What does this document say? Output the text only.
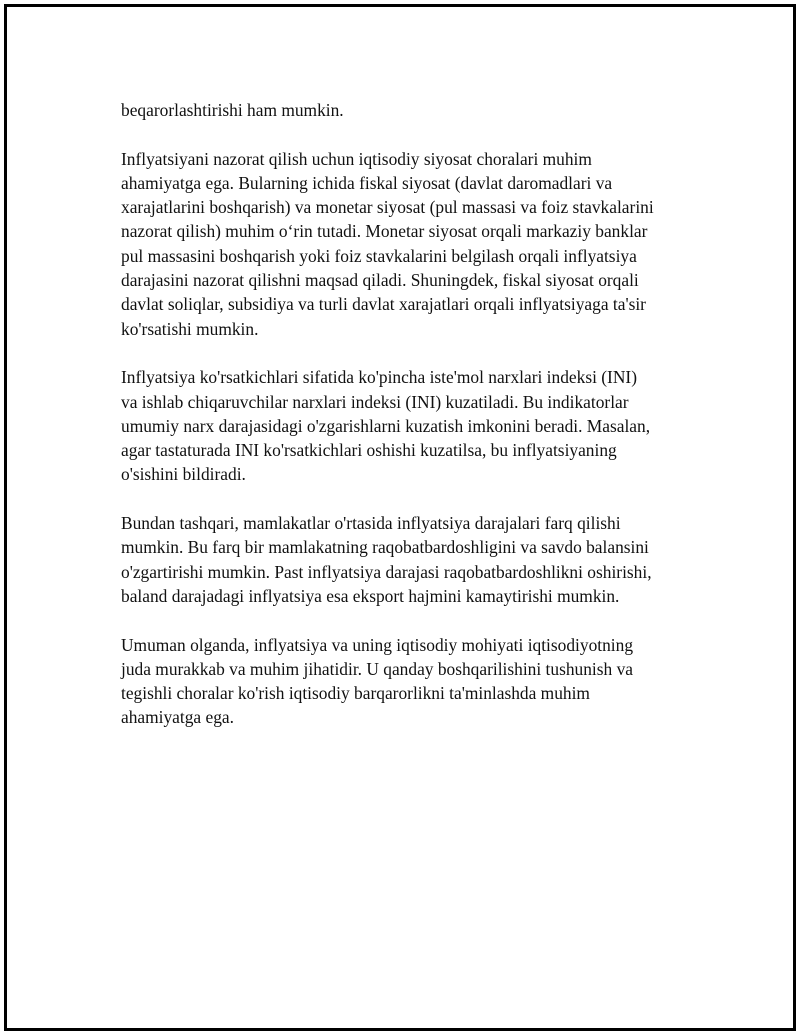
beqarorlashtirishi ham mumkin.

Inflyatsiyani nazorat qilish uchun iqtisodiy siyosat choralari muhim
ahamiyatga ega. Bularning ichida fiskal siyosat (davlat daromadlari va
xarajatlarini boshqarish) va monetar siyosat (pul massasi va foiz stavkalarini
nazorat qilish) muhim o‘rin tutadi. Monetar siyosat orqali markaziy banklar
pul massasini boshqarish yoki foiz stavkalarini belgilash orqali inflyatsiya
darajasini nazorat qilishni maqsad qiladi. Shuningdek, fiskal siyosat orqali
davlat soliqlar, subsidiya va turli davlat xarajatlari orqali inflyatsiyaga ta'sir
ko'rsatishi mumkin.

Inflyatsiya ko'rsatkichlari sifatida ko'pincha iste'mol narxlari indeksi (INI)
va ishlab chiqaruvchilar narxlari indeksi (INI) kuzatiladi. Bu indikatorlar
umumiy narx darajasidagi o'zgarishlarni kuzatish imkonini beradi. Masalan,
agar tastaturada INI ko'rsatkichlari oshishi kuzatilsa, bu inflyatsiyaning
o'sishini bildiradi.

Bundan tashqari, mamlakatlar o'rtasida inflyatsiya darajalari farq qilishi
mumkin. Bu farq bir mamlakatning raqobatbardoshligini va savdo balansini
o'zgartirishi mumkin. Past inflyatsiya darajasi raqobatbardoshlikni oshirishi,
baland darajadagi inflyatsiya esa eksport hajmini kamaytirishi mumkin.

Umuman olganda, inflyatsiya va uning iqtisodiy mohiyati iqtisodiyotning
juda murakkab va muhim jihatidir. U qanday boshqarilishini tushunish va
tegishli choralar ko'rish iqtisodiy barqarorlikni ta'minlashda muhim
ahamiyatga ega.
